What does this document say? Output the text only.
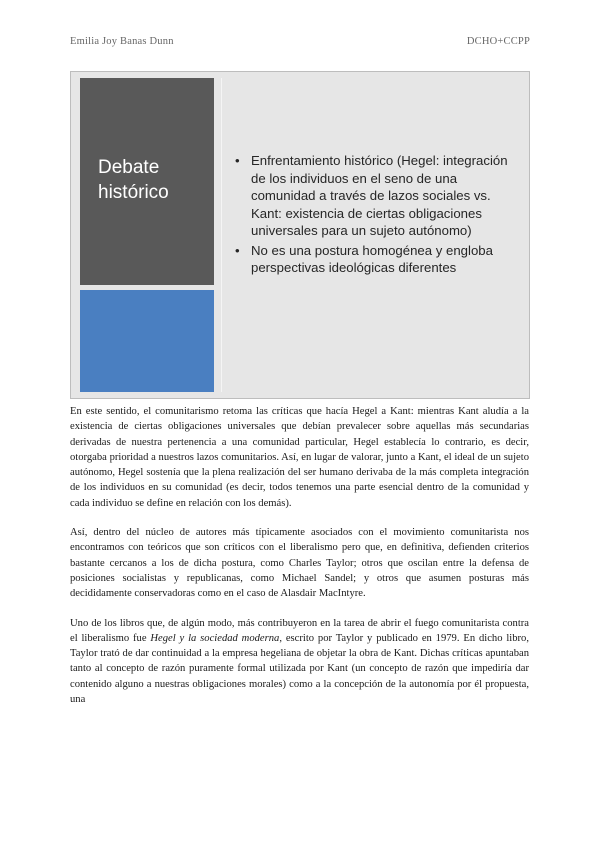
Emilia Joy Banas Dunn	DCHO+CCPP
Debate
histórico
• Enfrentamiento histórico (Hegel: integración de los individuos en el seno de una comunidad a través de lazos sociales vs. Kant: existencia de ciertas obligaciones universales para un sujeto autónomo)
• No es una postura homogénea y engloba perspectivas ideológicas diferentes

En este sentido, el comunitarismo retoma las críticas que hacía Hegel a Kant: mientras Kant aludía a la existencia de ciertas obligaciones universales que debían prevalecer sobre aquellas más secundarias derivadas de nuestra pertenencia a una comunidad particular, Hegel establecía lo contrario, es decir, otorgaba prioridad a nuestros lazos comunitarios. Así, en lugar de valorar, junto a Kant, el ideal de un sujeto autónomo, Hegel sostenía que la plena realización del ser humano derivaba de la más completa integración de los individuos en su comunidad (es decir, todos tenemos una parte esencial dentro de la comunidad y cada individuo se define en relación con los demás).

Así, dentro del núcleo de autores más típicamente asociados con el movimiento comunitarista nos encontramos con teóricos que son críticos con el liberalismo pero que, en definitiva, defienden criterios bastante cercanos a los de dicha postura, como Charles Taylor; otros que oscilan entre la defensa de posiciones socialistas y republicanas, como Michael Sandel; y otros que asumen posturas más decididamente conservadoras como en el caso de Alasdair MacIntyre.

Uno de los libros que, de algún modo, más contribuyeron en la tarea de abrir el fuego comunitarista contra el liberalismo fue Hegel y la sociedad moderna, escrito por Taylor y publicado en 1979. En dicho libro, Taylor trató de dar continuidad a la empresa hegeliana de objetar la obra de Kant. Dichas críticas apuntaban tanto al concepto de razón puramente formal utilizada por Kant (un concepto de razón que impediría dar contenido alguno a nuestras obligaciones morales) como a la concepción de la autonomía por él propuesta, una
